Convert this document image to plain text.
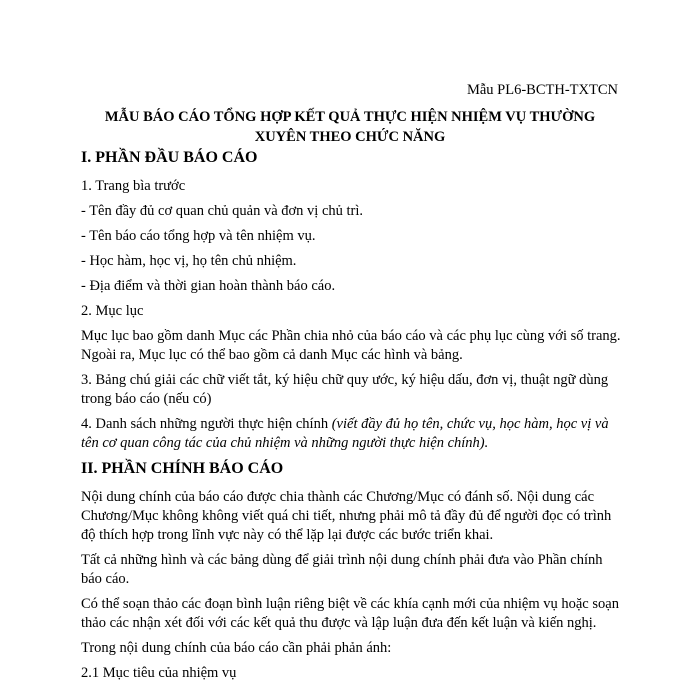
Mẫu PL6-BCTH-TXTCN
MẪU BÁO CÁO TỔNG HỢP KẾT QUẢ THỰC HIỆN NHIỆM VỤ THƯỜNG
XUYÊN THEO CHỨC NĂNG
I. PHẦN ĐẦU BÁO CÁO

1. Trang bìa trước

- Tên đầy đủ cơ quan chủ quản và đơn vị chủ trì.

- Tên báo cáo tổng hợp và tên nhiệm vụ.

- Học hàm, học vị, họ tên chủ nhiệm.

- Địa điểm và thời gian hoàn thành báo cáo.

2. Mục lục

Mục lục bao gồm danh Mục các Phần chia nhỏ của báo cáo và các phụ lục cùng với số trang. Ngoài ra, Mục lục có thể bao gồm cả danh Mục các hình và bảng.

3. Bảng chú giải các chữ viết tắt, ký hiệu chữ quy ước, ký hiệu dấu, đơn vị, thuật ngữ dùng trong báo cáo (nếu có)

4. Danh sách những người thực hiện chính (viết đầy đủ họ tên, chức vụ, học hàm, học vị và tên cơ quan công tác của chủ nhiệm và những người thực hiện chính).

II. PHẦN CHÍNH BÁO CÁO

Nội dung chính của báo cáo được chia thành các Chương/Mục có đánh số. Nội dung các Chương/Mục không không viết quá chi tiết, nhưng phải mô tả đầy đủ để người đọc có trình độ thích hợp trong lĩnh vực này có thể lặp lại được các bước triển khai.

Tất cả những hình và các bảng dùng để giải trình nội dung chính phải đưa vào Phần chính báo cáo.

Có thể soạn thảo các đoạn bình luận riêng biệt về các khía cạnh mới của nhiệm vụ hoặc soạn thảo các nhận xét đối với các kết quả thu được và lập luận đưa đến kết luận và kiến nghị.

Trong nội dung chính của báo cáo cần phải phản ánh:

2.1 Mục tiêu của nhiệm vụ
